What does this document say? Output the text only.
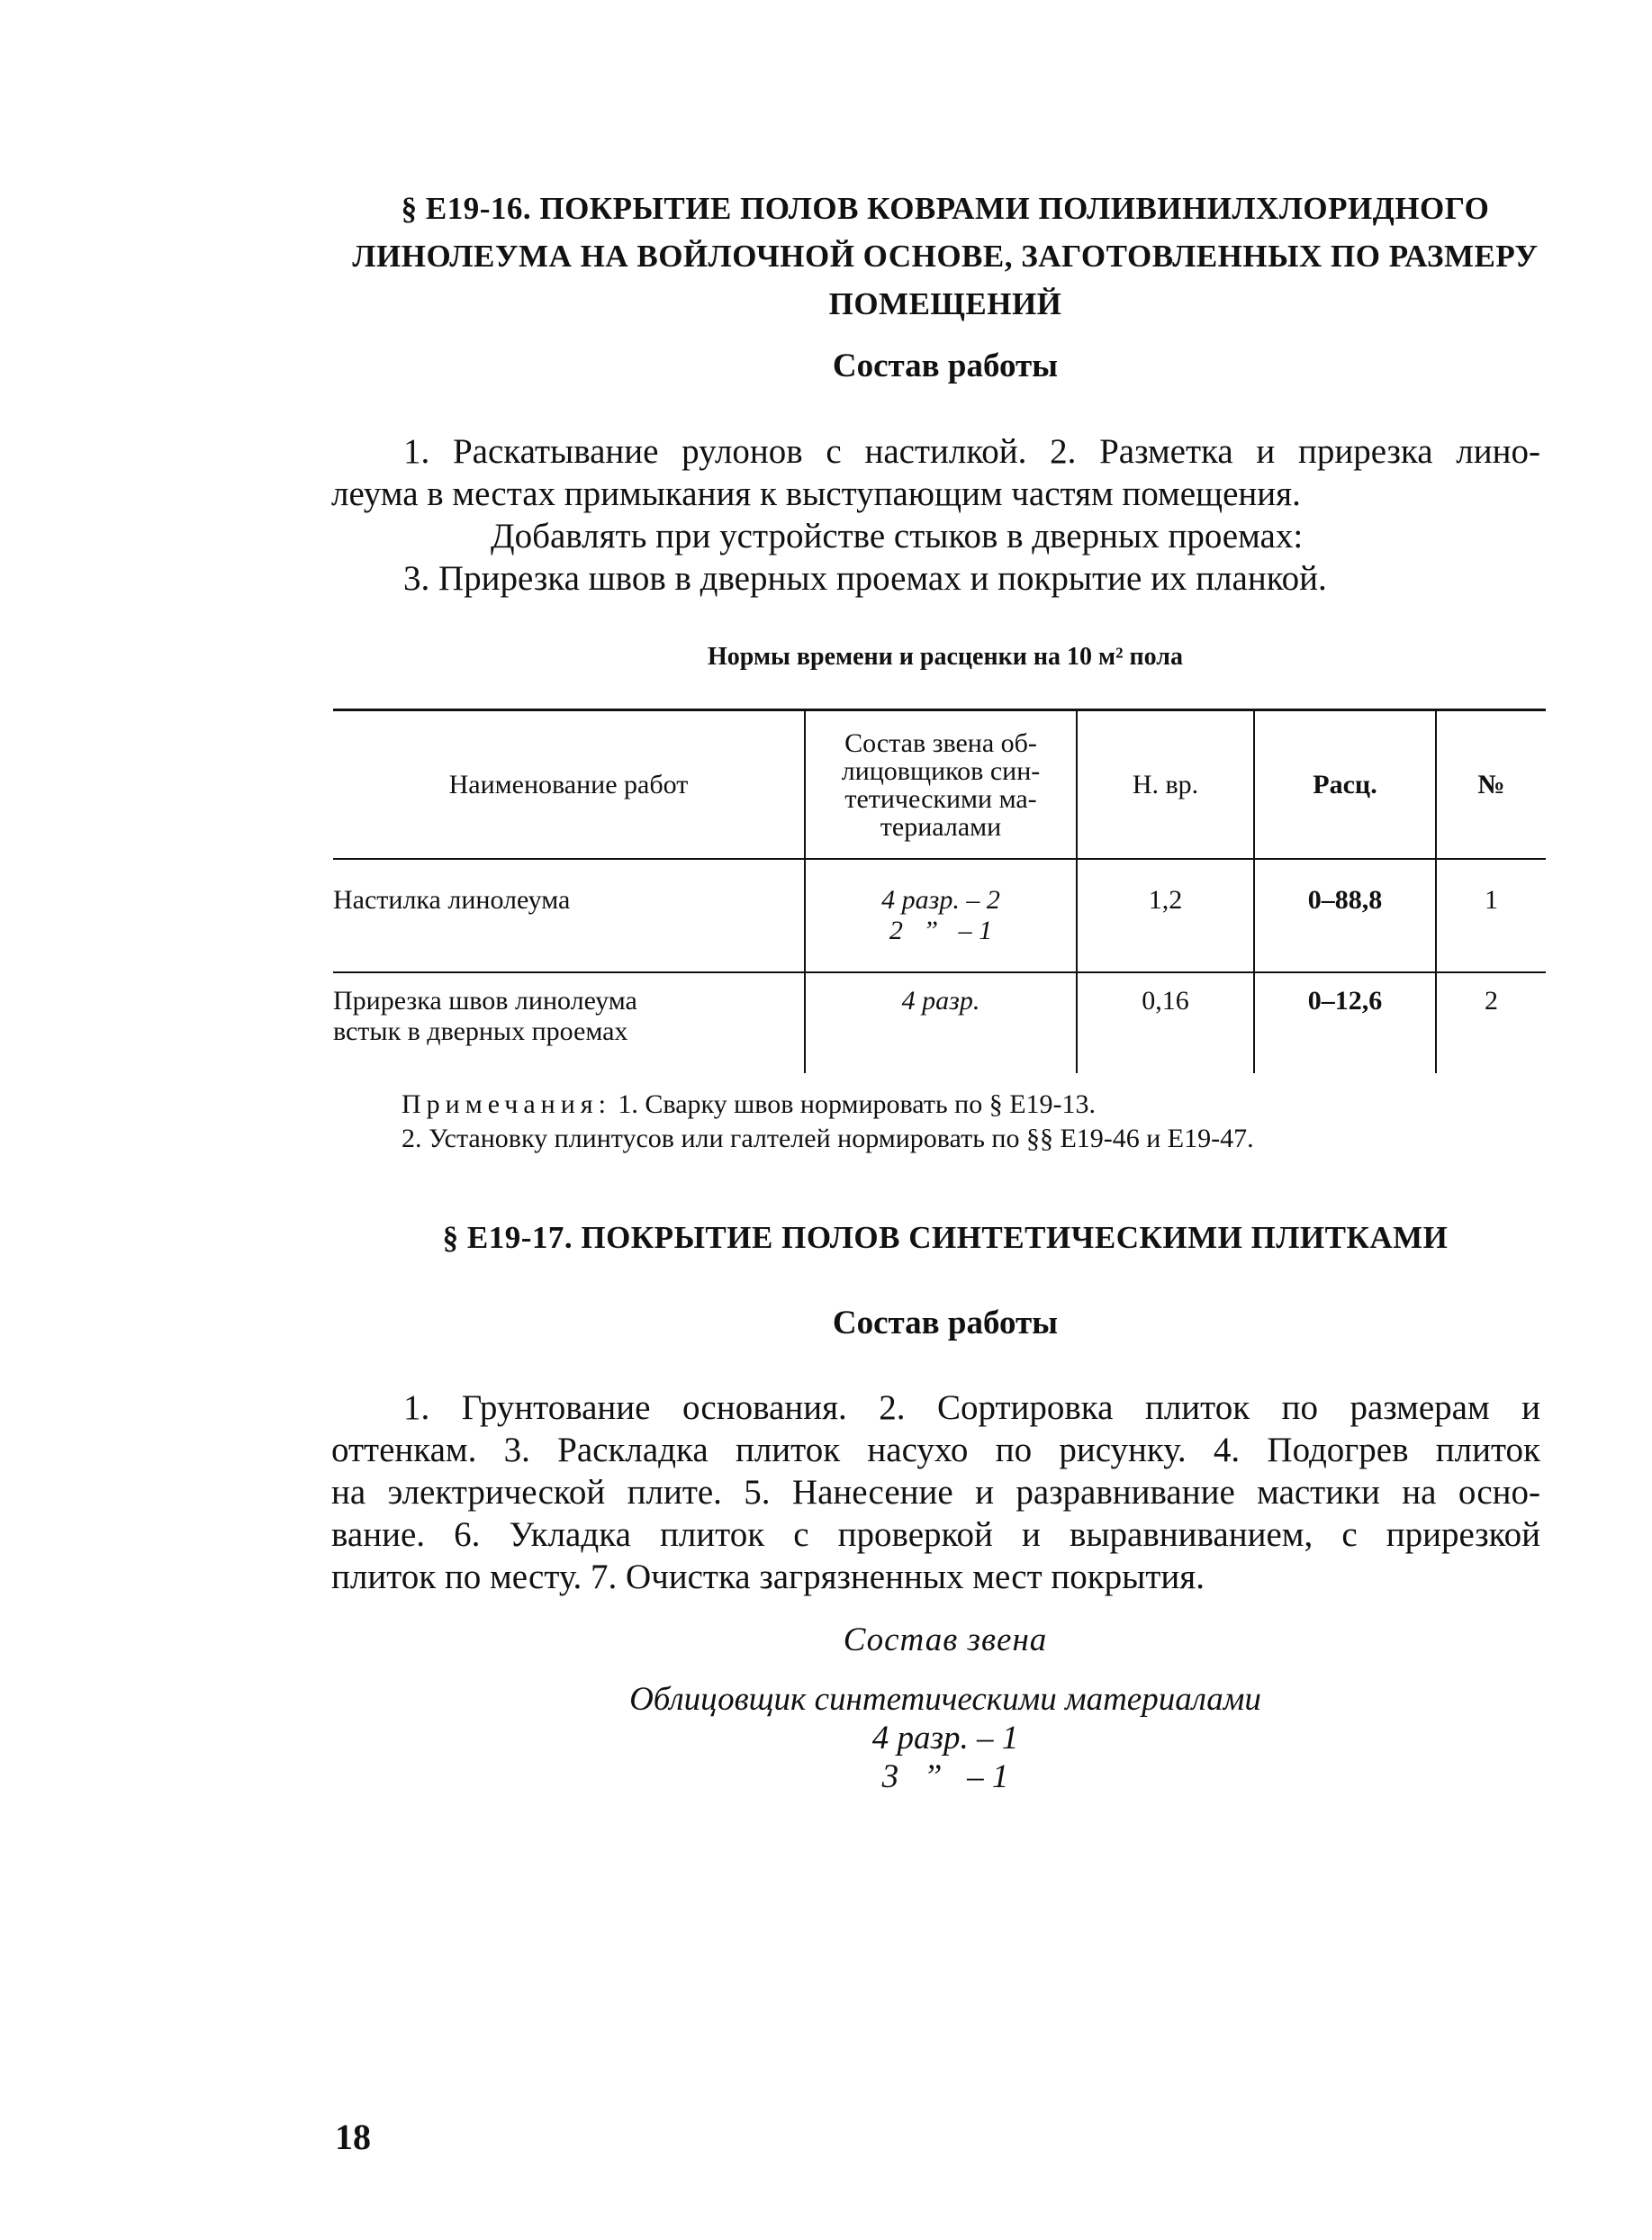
§ E19-16. ПОКРЫТИЕ ПОЛОВ КОВРАМИ ПОЛИВИНИЛХЛОРИДНОГО
ЛИНОЛЕУМА НА ВОЙЛОЧНОЙ ОСНОВЕ, ЗАГОТОВЛЕННЫХ ПО РАЗМЕРУ
ПОМЕЩЕНИЙ
Состав работы
1. Раскатывание рулонов с настилкой. 2. Разметка и прирезка лино-
леума в местах примыкания к выступающим частям помещения.
Добавлять при устройстве стыков в дверных проемах:
3. Прирезка швов в дверных проемах и покрытие их планкой.
Нормы времени и расценки на 10 м² пола
Наименование работ	Состав звена об-
лицовщиков син-
тетическими ма-
териалами	Н. вр.	Расц.	№

Настилка линолеума	4 разр. – 2
2   ”   – 1	1,2	0–88,8	1

Прирезка швов линолеума
встык в дверных проемах	4 разр.	0,16	0–12,6	2
Примечания: 1. Сварку швов нормировать по § E19-13.
2. Установку плинтусов или галтелей нормировать по §§ E19-46 и E19-47.
§ E19-17. ПОКРЫТИЕ ПОЛОВ СИНТЕТИЧЕСКИМИ ПЛИТКАМИ
Состав работы
1. Грунтование основания. 2. Сортировка плиток по размерам и
оттенкам. 3. Раскладка плиток насухо по рисунку. 4. Подогрев плиток
на электрической плите. 5. Нанесение и разравнивание мастики на осно-
вание. 6. Укладка плиток с проверкой и выравниванием, с прирезкой
плиток по месту. 7. Очистка загрязненных мест покрытия.
Состав звена
Облицовщик синтетическими материалами
4 разр. – 1
3   ”   – 1
18
